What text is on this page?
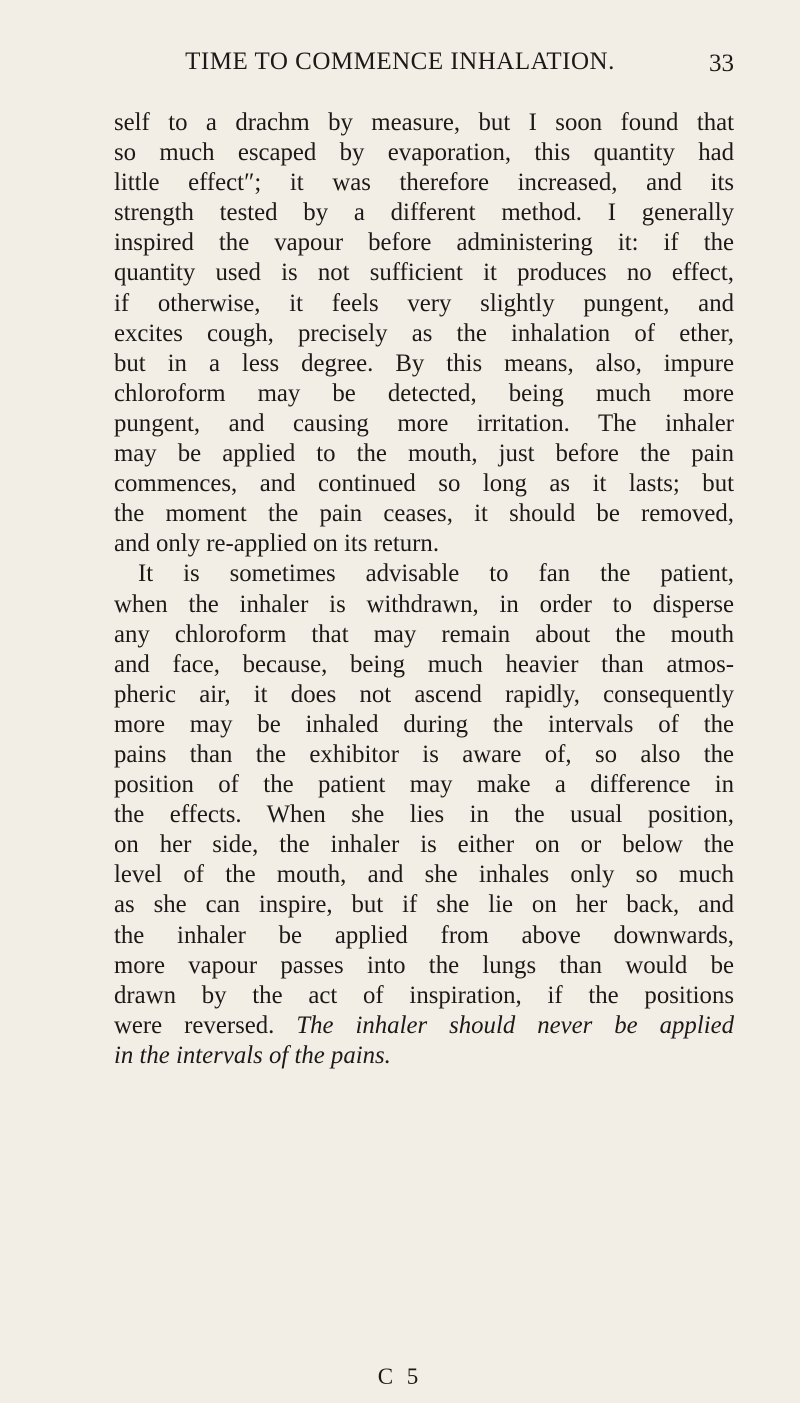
TIME TO COMMENCE INHALATION.	33
self to a drachm by measure, but I soon found that
so much escaped by evaporation, this quantity had
little effect″; it was therefore increased, and its
strength tested by a different method. I generally
inspired the vapour before administering it: if the
quantity used is not sufficient it produces no effect,
if otherwise, it feels very slightly pungent, and
excites cough, precisely as the inhalation of ether,
but in a less degree. By this means, also, impure
chloroform may be detected, being much more
pungent, and causing more irritation. The inhaler
may be applied to the mouth, just before the pain
commences, and continued so long as it lasts; but
the moment the pain ceases, it should be removed,
and only re-applied on its return.
It is sometimes advisable to fan the patient,
when the inhaler is withdrawn, in order to disperse
any chloroform that may remain about the mouth
and face, because, being much heavier than atmos-
pheric air, it does not ascend rapidly, consequently
more may be inhaled during the intervals of the
pains than the exhibitor is aware of, so also the
position of the patient may make a difference in
the effects. When she lies in the usual position,
on her side, the inhaler is either on or below the
level of the mouth, and she inhales only so much
as she can inspire, but if she lie on her back, and
the inhaler be applied from above downwards,
more vapour passes into the lungs than would be
drawn by the act of inspiration, if the positions
were reversed. The inhaler should never be applied
in the intervals of the pains.
C 5
